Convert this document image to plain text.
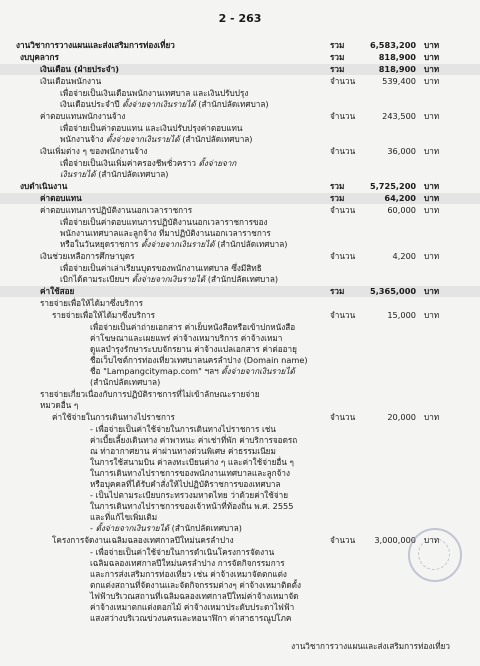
2 - 263
งานวิชาการวางแผนและส่งเสริมการท่องเที่ยว	รวม	6,583,200 บาท
งบบุคลากร	รวม	818,900 บาท
เงินเดือน (ฝ่ายประจำ)	รวม	818,900 บาท
เงินเดือนพนักงาน	จำนวน	539,400 บาท
เพื่อจ่ายเป็นเงินเดือนพนักงานเทศบาล และเงินปรับปรุง
เงินเดือนประจำปี ตั้งจ่ายจากเงินรายได้ (สำนักปลัดเทศบาล)
ค่าตอบแทนพนักงานจ้าง	จำนวน	243,500 บาท
เพื่อจ่ายเป็นค่าตอบแทน และเงินปรับปรุงค่าตอบแทน
พนักงานจ้าง ตั้งจ่ายจากเงินรายได้ (สำนักปลัดเทศบาล)
เงินเพิ่มต่าง ๆ ของพนักงานจ้าง	จำนวน	36,000 บาท
เพื่อจ่ายเป็นเงินเพิ่มค่าครองชีพชั่วคราว ตั้งจ่ายจาก
เงินรายได้ (สำนักปลัดเทศบาล)
งบดำเนินงาน	รวม	5,725,200 บาท
ค่าตอบแทน	รวม	64,200 บาท
ค่าตอบแทนการปฏิบัติงานนอกเวลาราชการ	จำนวน	60,000 บาท
เพื่อจ่ายเป็นค่าตอบแทนการปฏิบัติงานนอกเวลาราชการของ
พนักงานเทศบาลและลูกจ้าง ที่มาปฏิบัติงานนอกเวลาราชการ
หรือในวันหยุดราชการ ตั้งจ่ายจากเงินรายได้ (สำนักปลัดเทศบาล)
เงินช่วยเหลือการศึกษาบุตร	จำนวน	4,200 บาท
เพื่อจ่ายเป็นค่าเล่าเรียนบุตรของพนักงานเทศบาล ซึ่งมีสิทธิ
เบิกได้ตามระเบียบฯ ตั้งจ่ายจากเงินรายได้ (สำนักปลัดเทศบาล)
ค่าใช้สอย	รวม	5,365,000 บาท
รายจ่ายเพื่อให้ได้มาซึ่งบริการ
รายจ่ายเพื่อให้ได้มาซึ่งบริการ	จำนวน	15,000 บาท
เพื่อจ่ายเป็นค่าถ่ายเอกสาร ค่าเย็บหนังสือหรือเข้าปกหนังสือ
ค่าโฆษณาและเผยแพร่ ค่าจ้างเหมาบริการ ค่าจ้างเหมา
ดูแลบำรุงรักษาระบบจักรยาน ค่าจ้างแปลเอกสาร ค่าต่ออายุ
ชื่อเว็บไซต์การท่องเที่ยวเทศบาลนครลำปาง (Domain name)
ชื่อ "Lampangcitymap.com" ฯลฯ ตั้งจ่ายจากเงินรายได้
(สำนักปลัดเทศบาล)
รายจ่ายเกี่ยวเนื่องกับการปฏิบัติราชการที่ไม่เข้าลักษณะรายจ่าย
หมวดอื่น ๆ
ค่าใช้จ่ายในการเดินทางไปราชการ	จำนวน	20,000 บาท
- เพื่อจ่ายเป็นค่าใช้จ่ายในการเดินทางไปราชการ เช่น
ค่าเบี้ยเลี้ยงเดินทาง ค่าพาหนะ ค่าเช่าที่พัก ค่าบริการจอดรถ
ณ ท่าอากาศยาน ค่าผ่านทางด่วนพิเศษ ค่าธรรมเนียม
ในการใช้สนามบิน ค่าลงทะเบียนต่าง ๆ และค่าใช้จ่ายอื่น ๆ
ในการเดินทางไปราชการของพนักงานเทศบาลและลูกจ้าง
หรือบุคคลที่ได้รับคำสั่งให้ไปปฏิบัติราชการของเทศบาล
- เป็นไปตามระเบียบกระทรวงมหาดไทย ว่าด้วยค่าใช้จ่าย
ในการเดินทางไปราชการของเจ้าหน้าที่ท้องถิ่น พ.ศ. 2555
และที่แก้ไขเพิ่มเติม
- ตั้งจ่ายจากเงินรายได้ (สำนักปลัดเทศบาล)
โครงการจัดงานเฉลิมฉลองเทศกาลปีใหม่นครลำปาง	จำนวน	3,000,000 บาท
- เพื่อจ่ายเป็นค่าใช้จ่ายในการดำเนินโครงการจัดงาน
เฉลิมฉลองเทศกาลปีใหม่นครลำปาง การจัดกิจกรรมการ
และการส่งเสริมการท่องเที่ยว เช่น ค่าจ้างเหมาจัดตกแต่ง
ตกแต่งสถานที่จัดงานและจัดกิจกรรมต่างๆ ค่าจ้างเหมาติดตั้ง
ไฟฟ้าบริเวณสถานที่เฉลิมฉลองเทศกาลปีใหม่ค่าจ้างเหมาจัด
ค่าจ้างเหมาตกแต่งดอกไม้ ค่าจ้างเหมาประดับประดาไฟฟ้า
แสงสว่างบริเวณข่วงนครและหอนาฬิกา ค่าสาธารณูปโภค
งานวิชาการวางแผนและส่งเสริมการท่องเที่ยว
